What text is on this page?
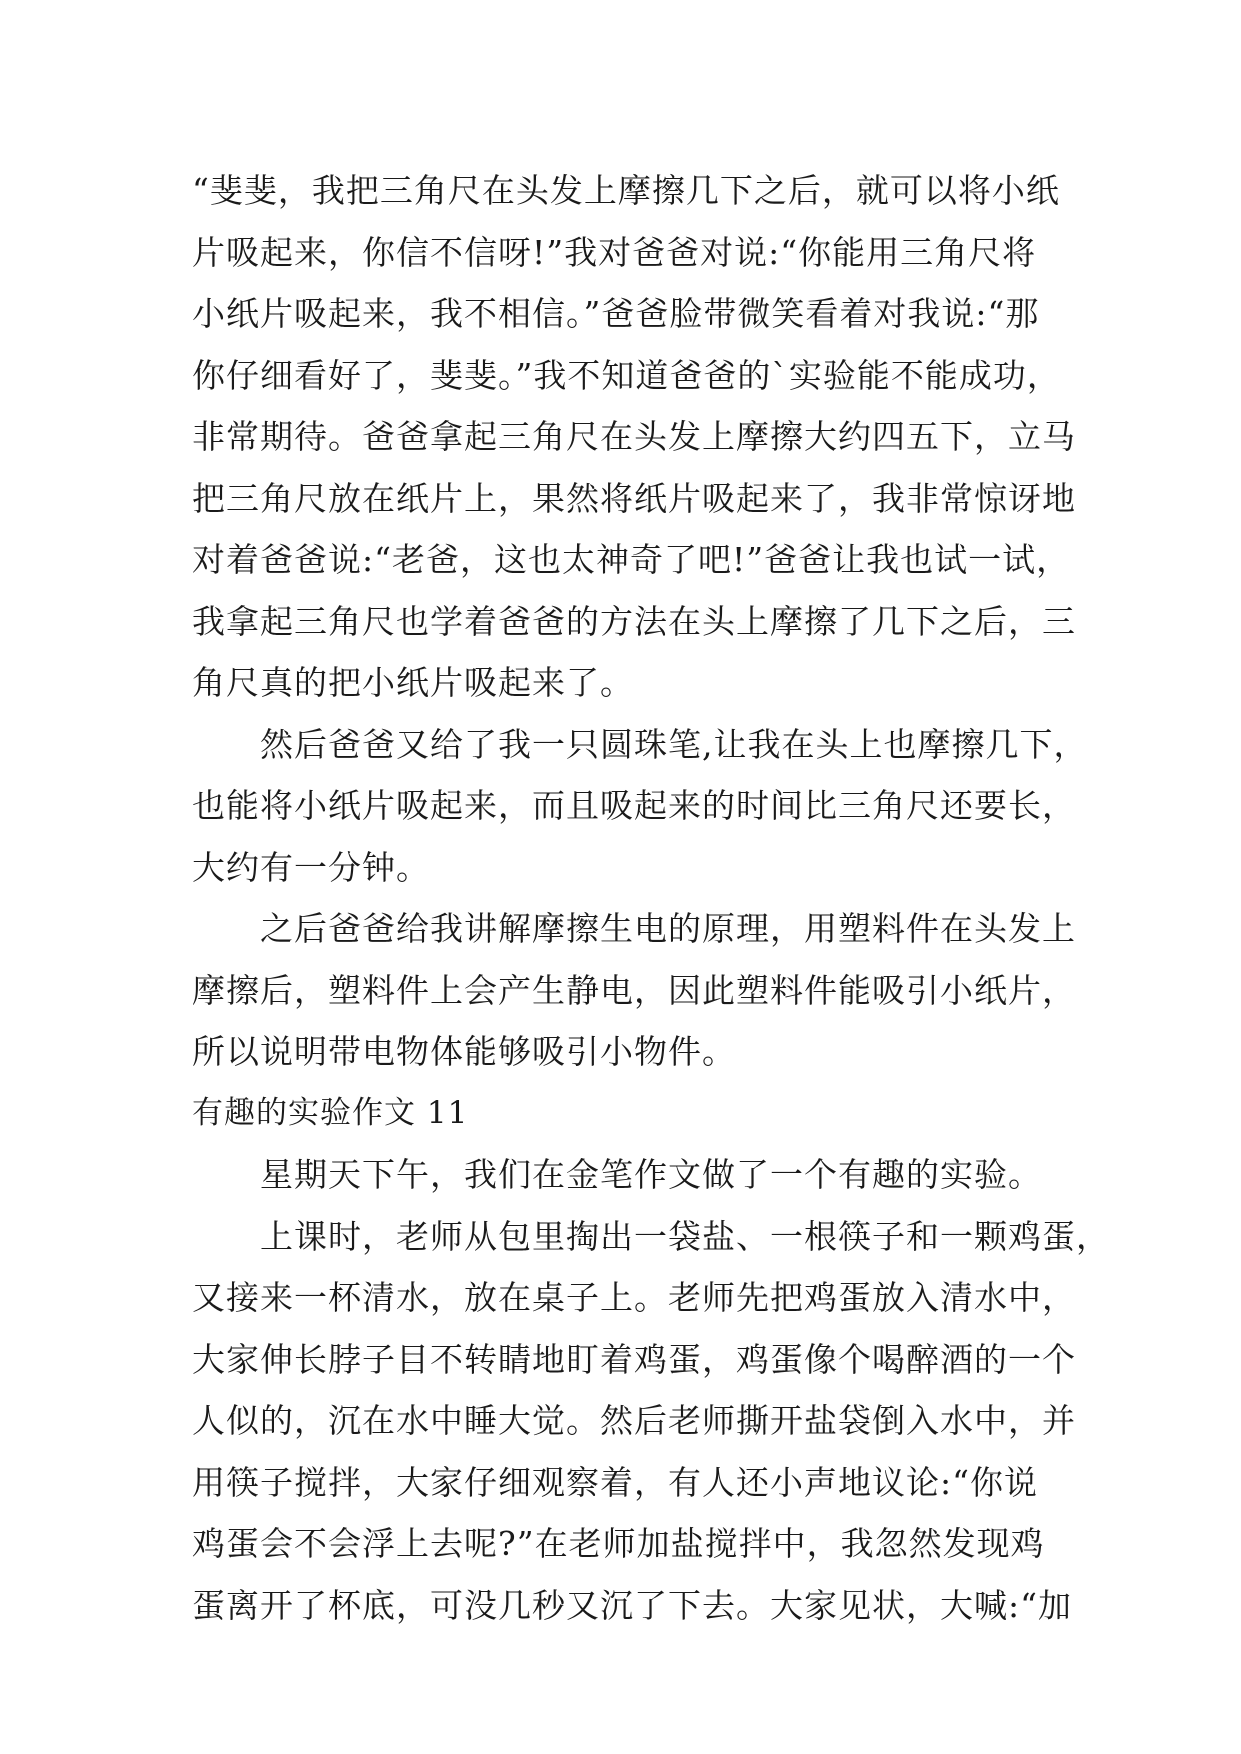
“斐斐，我把三角尺在头发上摩擦几下之后，就可以将小纸
片吸起来，你信不信呀!”我对爸爸对说:“你能用三角尺将
小纸片吸起来，我不相信。”爸爸脸带微笑看着对我说:“那
你仔细看好了，斐斐。”我不知道爸爸的`实验能不能成功，
非常期待。爸爸拿起三角尺在头发上摩擦大约四五下，立马
把三角尺放在纸片上，果然将纸片吸起来了，我非常惊讶地
对着爸爸说:“老爸，这也太神奇了吧!”爸爸让我也试一试，
我拿起三角尺也学着爸爸的方法在头上摩擦了几下之后，三
角尺真的把小纸片吸起来了。
　　然后爸爸又给了我一只圆珠笔,让我在头上也摩擦几下，
也能将小纸片吸起来，而且吸起来的时间比三角尺还要长，
大约有一分钟。
　　之后爸爸给我讲解摩擦生电的原理，用塑料件在头发上
摩擦后，塑料件上会产生静电，因此塑料件能吸引小纸片，
所以说明带电物体能够吸引小物件。
有趣的实验作文 11
　　星期天下午，我们在金笔作文做了一个有趣的实验。
　　上课时，老师从包里掏出一袋盐、一根筷子和一颗鸡蛋，
又接来一杯清水，放在桌子上。老师先把鸡蛋放入清水中，
大家伸长脖子目不转睛地盯着鸡蛋，鸡蛋像个喝醉酒的一个
人似的，沉在水中睡大觉。然后老师撕开盐袋倒入水中，并
用筷子搅拌，大家仔细观察着，有人还小声地议论:“你说
鸡蛋会不会浮上去呢?”在老师加盐搅拌中，我忽然发现鸡
蛋离开了杯底，可没几秒又沉了下去。大家见状，大喊:“加
